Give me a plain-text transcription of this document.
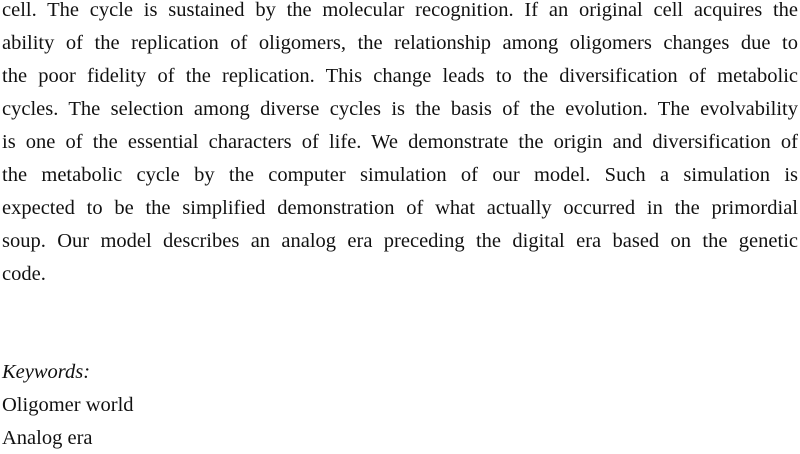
cell. The cycle is sustained by the molecular recognition. If an original cell acquires the
ability of the replication of oligomers, the relationship among oligomers changes due to
the poor fidelity of the replication. This change leads to the diversification of metabolic
cycles. The selection among diverse cycles is the basis of the evolution. The evolvability
is one of the essential characters of life. We demonstrate the origin and diversification of
the metabolic cycle by the computer simulation of our model. Such a simulation is
expected to be the simplified demonstration of what actually occurred in the primordial
soup. Our model describes an analog era preceding the digital era based on the genetic
code.
Keywords:
Oligomer world
Analog era
